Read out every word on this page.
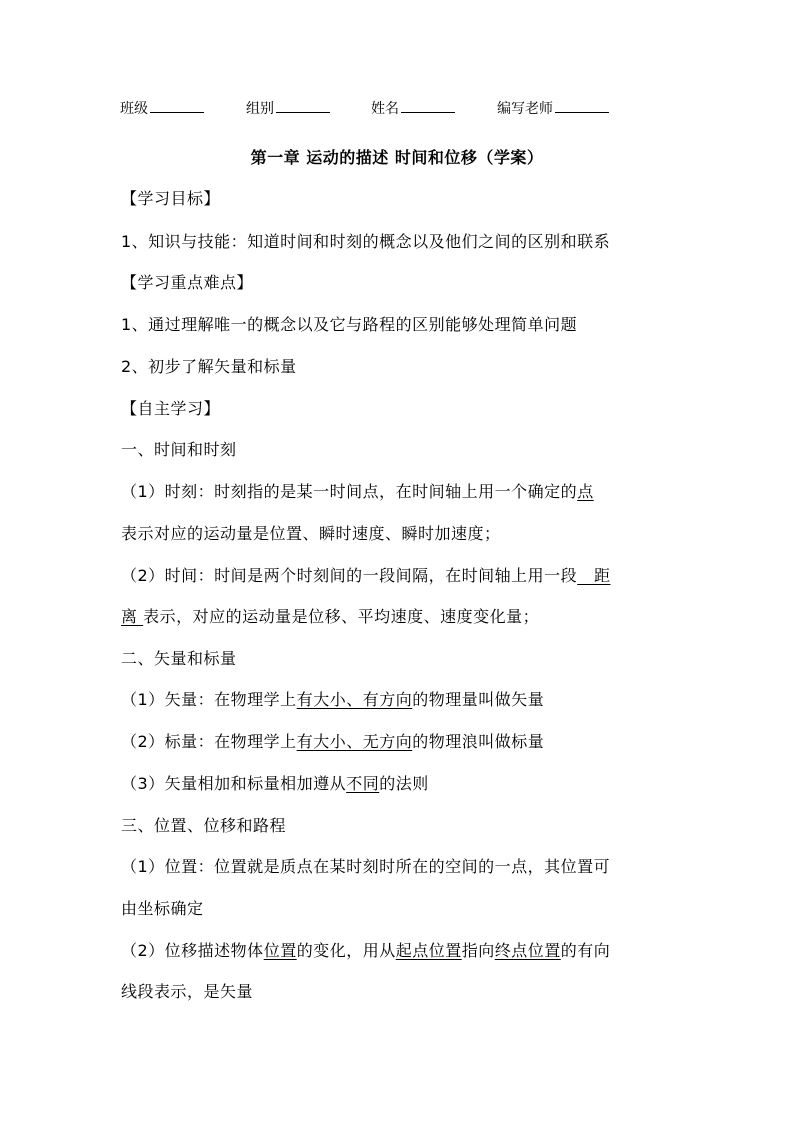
班级	组别	姓名	编写老师
第一章 运动的描述 时间和位移（学案）
【学习目标】
1、知识与技能：知道时间和时刻的概念以及他们之间的区别和联系
【学习重点难点】
1、通过理解唯一的概念以及它与路程的区别能够处理简单问题
2、初步了解矢量和标量
【自主学习】
一、时间和时刻
（1）时刻：时刻指的是某一时间点，在时间轴上用一个确定的点
表示对应的运动量是位置、瞬时速度、瞬时加速度；
（2）时间：时间是两个时刻间的一段间隔，在时间轴上用一段   距
离 表示，对应的运动量是位移、平均速度、速度变化量；
二、矢量和标量
（1）矢量：在物理学上有大小、有方向的物理量叫做矢量
（2）标量：在物理学上有大小、无方向的物理浪叫做标量
（3）矢量相加和标量相加遵从不同的法则
三、位置、位移和路程
（1）位置：位置就是质点在某时刻时所在的空间的一点，其位置可
由坐标确定
（2）位移描述物体位置的变化，用从起点位置指向终点位置的有向
线段表示，是矢量
